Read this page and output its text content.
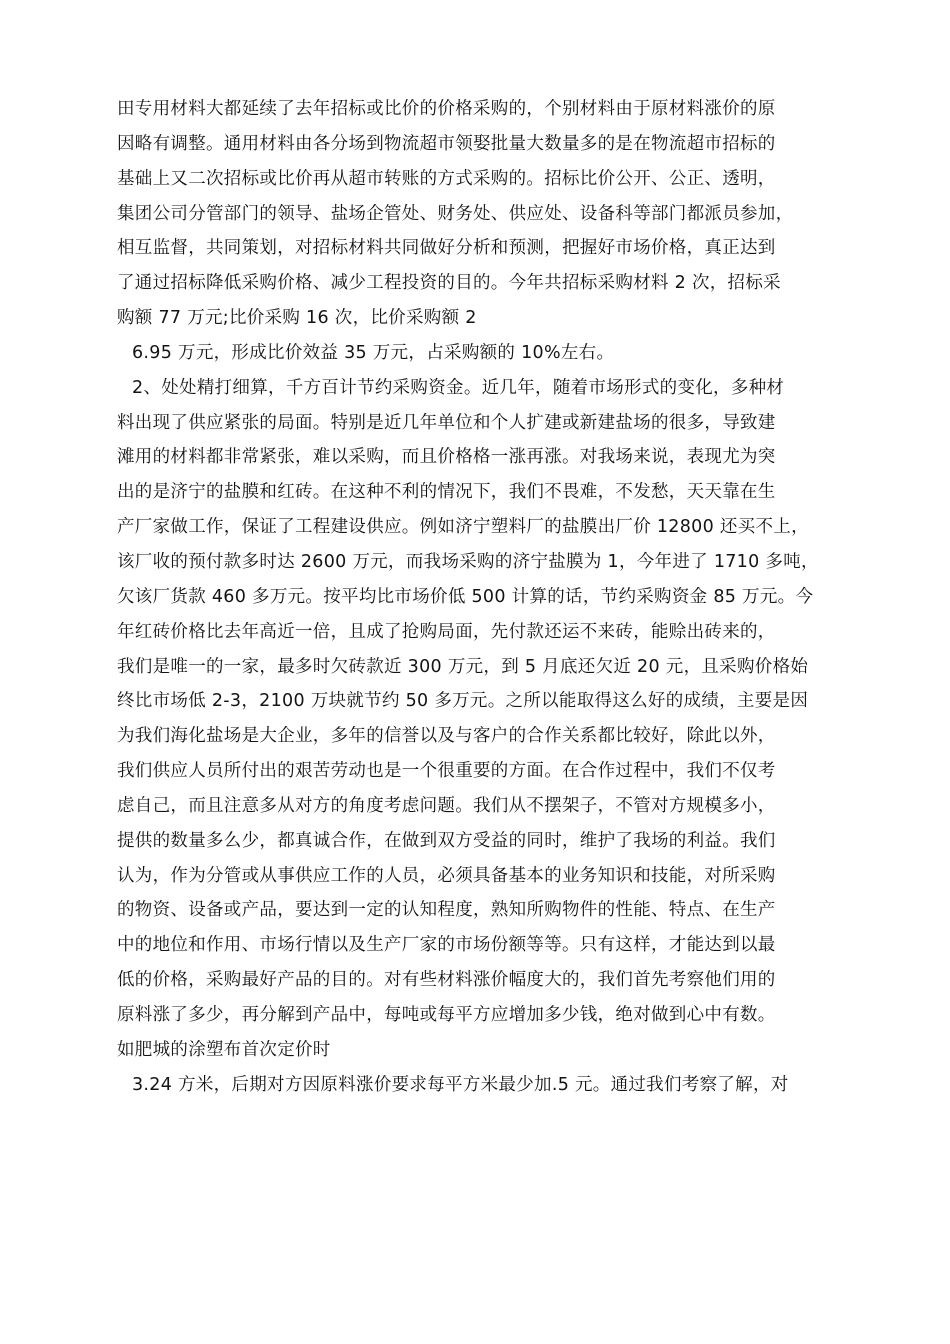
田专用材料大都延续了去年招标或比价的价格采购的，个别材料由于原材料涨价的原
因略有调整。通用材料由各分场到物流超市领娶批量大数量多的是在物流超市招标的
基础上又二次招标或比价再从超市转账的方式采购的。招标比价公开、公正、透明，
集团公司分管部门的领导、盐场企管处、财务处、供应处、设备科等部门都派员参加，
相互监督，共同策划，对招标材料共同做好分析和预测，把握好市场价格，真正达到
了通过招标降低采购价格、减少工程投资的目的。今年共招标采购材料 2 次，招标采
购额 77 万元;比价采购 16 次，比价采购额 2
6.95 万元，形成比价效益 35 万元，占采购额的 10%左右。
2、处处精打细算，千方百计节约采购资金。近几年，随着市场形式的变化，多种材
料出现了供应紧张的局面。特别是近几年单位和个人扩建或新建盐场的很多，导致建
滩用的材料都非常紧张，难以采购，而且价格格一涨再涨。对我场来说，表现尤为突
出的是济宁的盐膜和红砖。在这种不利的情况下，我们不畏难，不发愁，天天靠在生
产厂家做工作，保证了工程建设供应。例如济宁塑料厂的盐膜出厂价 12800 还买不上，
该厂收的预付款多时达 2600 万元，而我场采购的济宁盐膜为 1，今年进了 1710 多吨，
欠该厂货款 460 多万元。按平均比市场价低 500 计算的话，节约采购资金 85 万元。今
年红砖价格比去年高近一倍，且成了抢购局面，先付款还运不来砖，能赊出砖来的，
我们是唯一的一家，最多时欠砖款近 300 万元，到 5 月底还欠近 20 元，且采购价格始
终比市场低 2-3，2100 万块就节约 50 多万元。之所以能取得这么好的成绩，主要是因
为我们海化盐场是大企业，多年的信誉以及与客户的合作关系都比较好，除此以外，
我们供应人员所付出的艰苦劳动也是一个很重要的方面。在合作过程中，我们不仅考
虑自己，而且注意多从对方的角度考虑问题。我们从不摆架子，不管对方规模多小，
提供的数量多么少，都真诚合作，在做到双方受益的同时，维护了我场的利益。我们
认为，作为分管或从事供应工作的人员，必须具备基本的业务知识和技能，对所采购
的物资、设备或产品，要达到一定的认知程度，熟知所购物件的性能、特点、在生产
中的地位和作用、市场行情以及生产厂家的市场份额等等。只有这样，才能达到以最
低的价格，采购最好产品的目的。对有些材料涨价幅度大的，我们首先考察他们用的
原料涨了多少，再分解到产品中，每吨或每平方应增加多少钱，绝对做到心中有数。
如肥城的涂塑布首次定价时
3.24 方米，后期对方因原料涨价要求每平方米最少加.5 元。通过我们考察了解，对
